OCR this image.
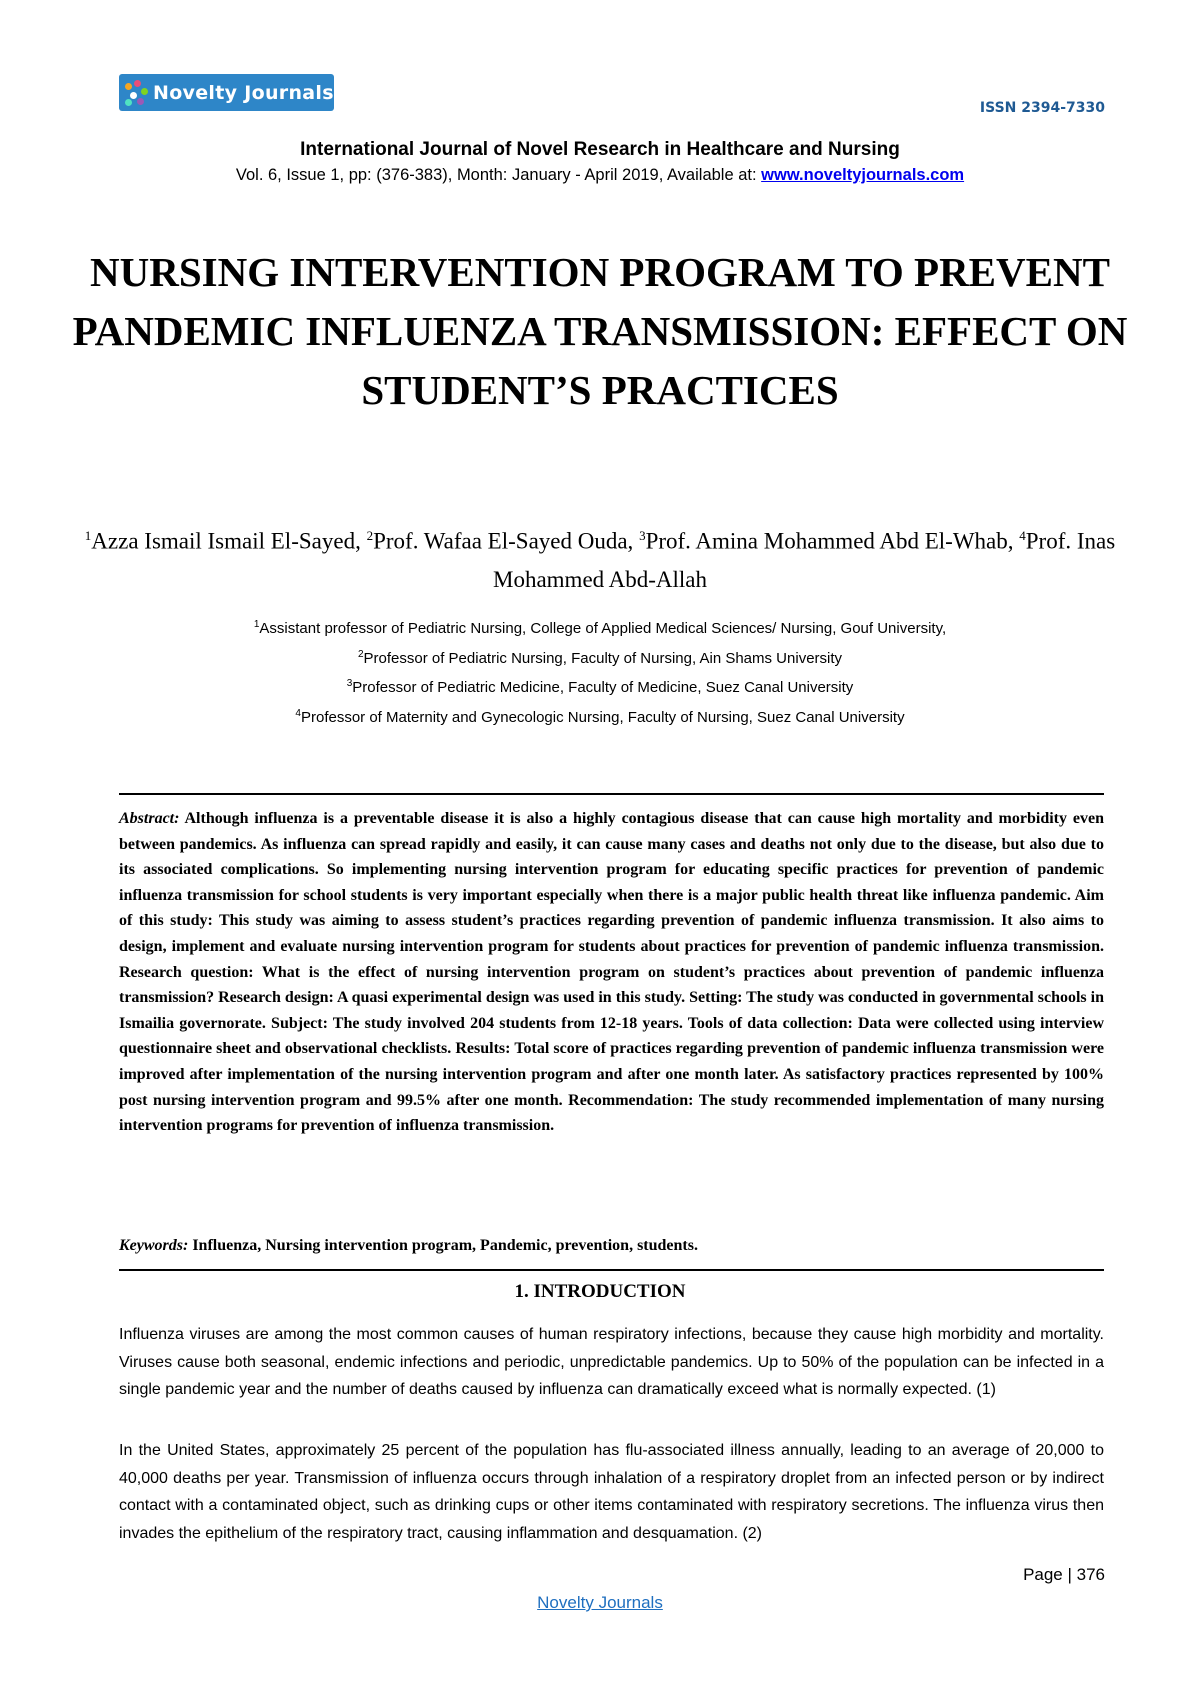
Novelty Journals
ISSN 2394-7330
International Journal of Novel Research in Healthcare and Nursing
Vol. 6, Issue 1, pp: (376-383), Month: January - April 2019, Available at: www.noveltyjournals.com
NURSING INTERVENTION PROGRAM TO PREVENT PANDEMIC INFLUENZA TRANSMISSION: EFFECT ON STUDENT’S PRACTICES
$^1$Azza Ismail Ismail El-Sayed, $^2$Prof. Wafaa El-Sayed Ouda, $^3$Prof. Amina Mohammed Abd El-Whab, $^4$Prof. Inas Mohammed Abd-Allah
$^1$Assistant professor of Pediatric Nursing, College of Applied Medical Sciences/ Nursing, Gouf University,
$^2$Professor of Pediatric Nursing, Faculty of Nursing, Ain Shams University
$^3$Professor of Pediatric Medicine, Faculty of Medicine, Suez Canal University
$^4$Professor of Maternity and Gynecologic Nursing, Faculty of Nursing, Suez Canal University

Abstract: Although influenza is a preventable disease it is also a highly contagious disease that can cause high mortality and morbidity even between pandemics. As influenza can spread rapidly and easily, it can cause many cases and deaths not only due to the disease, but also due to its associated complications. So implementing nursing intervention program for educating specific practices for prevention of pandemic influenza transmission for school students is very important especially when there is a major public health threat like influenza pandemic. Aim of this study: This study was aiming to assess student’s practices regarding prevention of pandemic influenza transmission. It also aims to design, implement and evaluate nursing intervention program for students about practices for prevention of pandemic influenza transmission. Research question: What is the effect of nursing intervention program on student’s practices about prevention of pandemic influenza transmission? Research design: A quasi experimental design was used in this study. Setting: The study was conducted in governmental schools in Ismailia governorate. Subject: The study involved 204 students from 12-18 years. Tools of data collection: Data were collected using interview questionnaire sheet and observational checklists. Results: Total score of practices regarding prevention of pandemic influenza transmission were improved after implementation of the nursing intervention program and after one month later. As satisfactory practices represented by 100% post nursing intervention program and 99.5% after one month. Recommendation: The study recommended implementation of many nursing intervention programs for prevention of influenza transmission.

Keywords: Influenza, Nursing intervention program, Pandemic, prevention, students.

1. INTRODUCTION

Influenza viruses are among the most common causes of human respiratory infections, because they cause high morbidity and mortality. Viruses cause both seasonal, endemic infections and periodic, unpredictable pandemics. Up to 50% of the population can be infected in a single pandemic year and the number of deaths caused by influenza can dramatically exceed what is normally expected. (1)

In the United States, approximately 25 percent of the population has flu-associated illness annually, leading to an average of 20,000 to 40,000 deaths per year. Transmission of influenza occurs through inhalation of a respiratory droplet from an infected person or by indirect contact with a contaminated object, such as drinking cups or other items contaminated with respiratory secretions. The influenza virus then invades the epithelium of the respiratory tract, causing inflammation and desquamation. (2)

Page | 376
Novelty Journals
